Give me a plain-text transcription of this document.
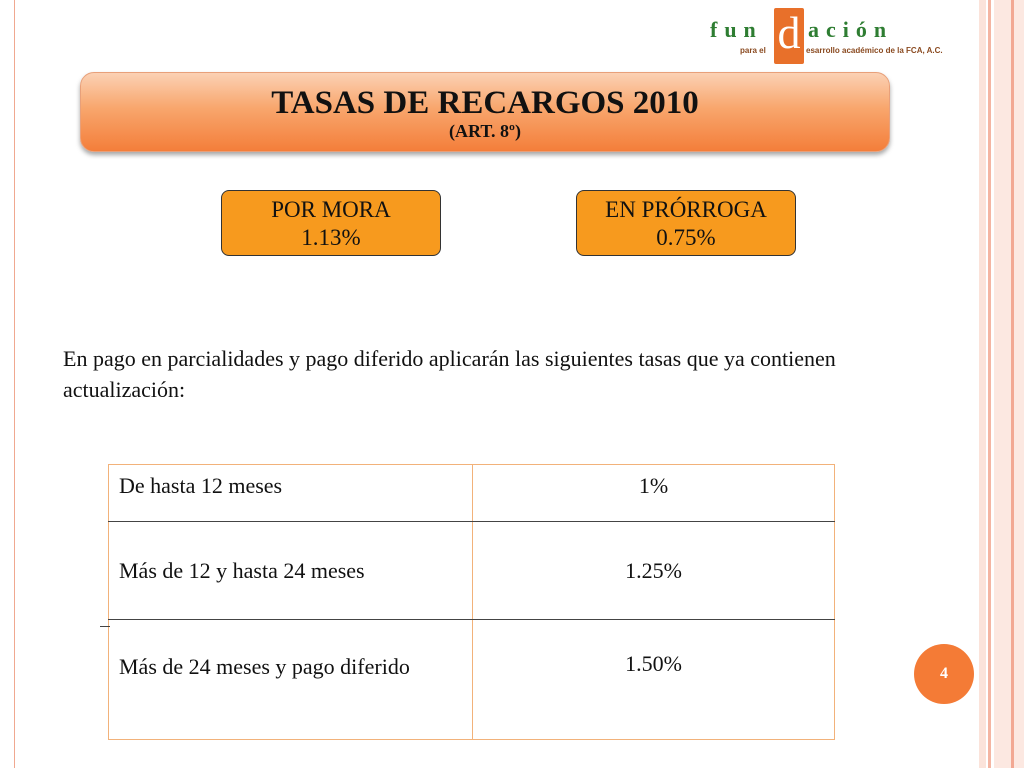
fun d ación
para el	esarrollo académico de la FCA, A.C.
TASAS DE RECARGOS 2010
(ART. 8º)
POR MORA
1.13%
EN PRÓRROGA
0.75%
En pago en parcialidades y pago diferido aplicarán las siguientes tasas que ya contienen actualización:
De hasta 12 meses	1%
Más de 12 y hasta 24 meses	1.25%
Más de 24 meses y pago diferido	1.50%	4
